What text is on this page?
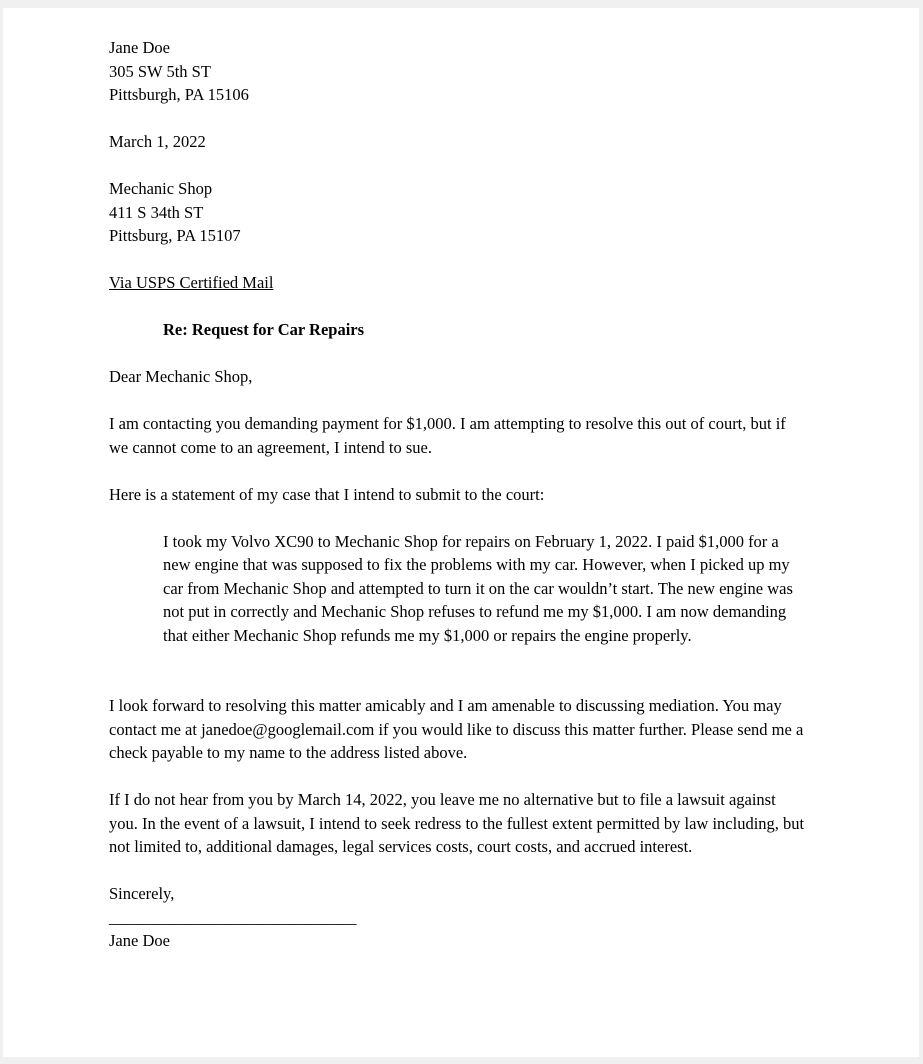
Jane Doe
305 SW 5th ST
Pittsburgh, PA 15106
March 1, 2022
Mechanic Shop
411 S 34th ST
Pittsburg, PA 15107
Via USPS Certified Mail
Re: Request for Car Repairs
Dear Mechanic Shop,
I am contacting you demanding payment for $1,000. I am attempting to resolve this out of court, but if we cannot come to an agreement, I intend to sue.
Here is a statement of my case that I intend to submit to the court:
I took my Volvo XC90 to Mechanic Shop for repairs on February 1, 2022. I paid $1,000 for a new engine that was supposed to fix the problems with my car. However, when I picked up my car from Mechanic Shop and attempted to turn it on the car wouldn’t start. The new engine was not put in correctly and Mechanic Shop refuses to refund me my $1,000. I am now demanding that either Mechanic Shop refunds me my $1,000 or repairs the engine properly.
I look forward to resolving this matter amicably and I am amenable to discussing mediation. You may contact me at janedoe@googlemail.com if you would like to discuss this matter further. Please send me a check payable to my name to the address listed above.
If I do not hear from you by March 14, 2022, you leave me no alternative but to file a lawsuit against you. In the event of a lawsuit, I intend to seek redress to the fullest extent permitted by law including, but not limited to, additional damages, legal services costs, court costs, and accrued interest.
Sincerely,
______________________________
Jane Doe
